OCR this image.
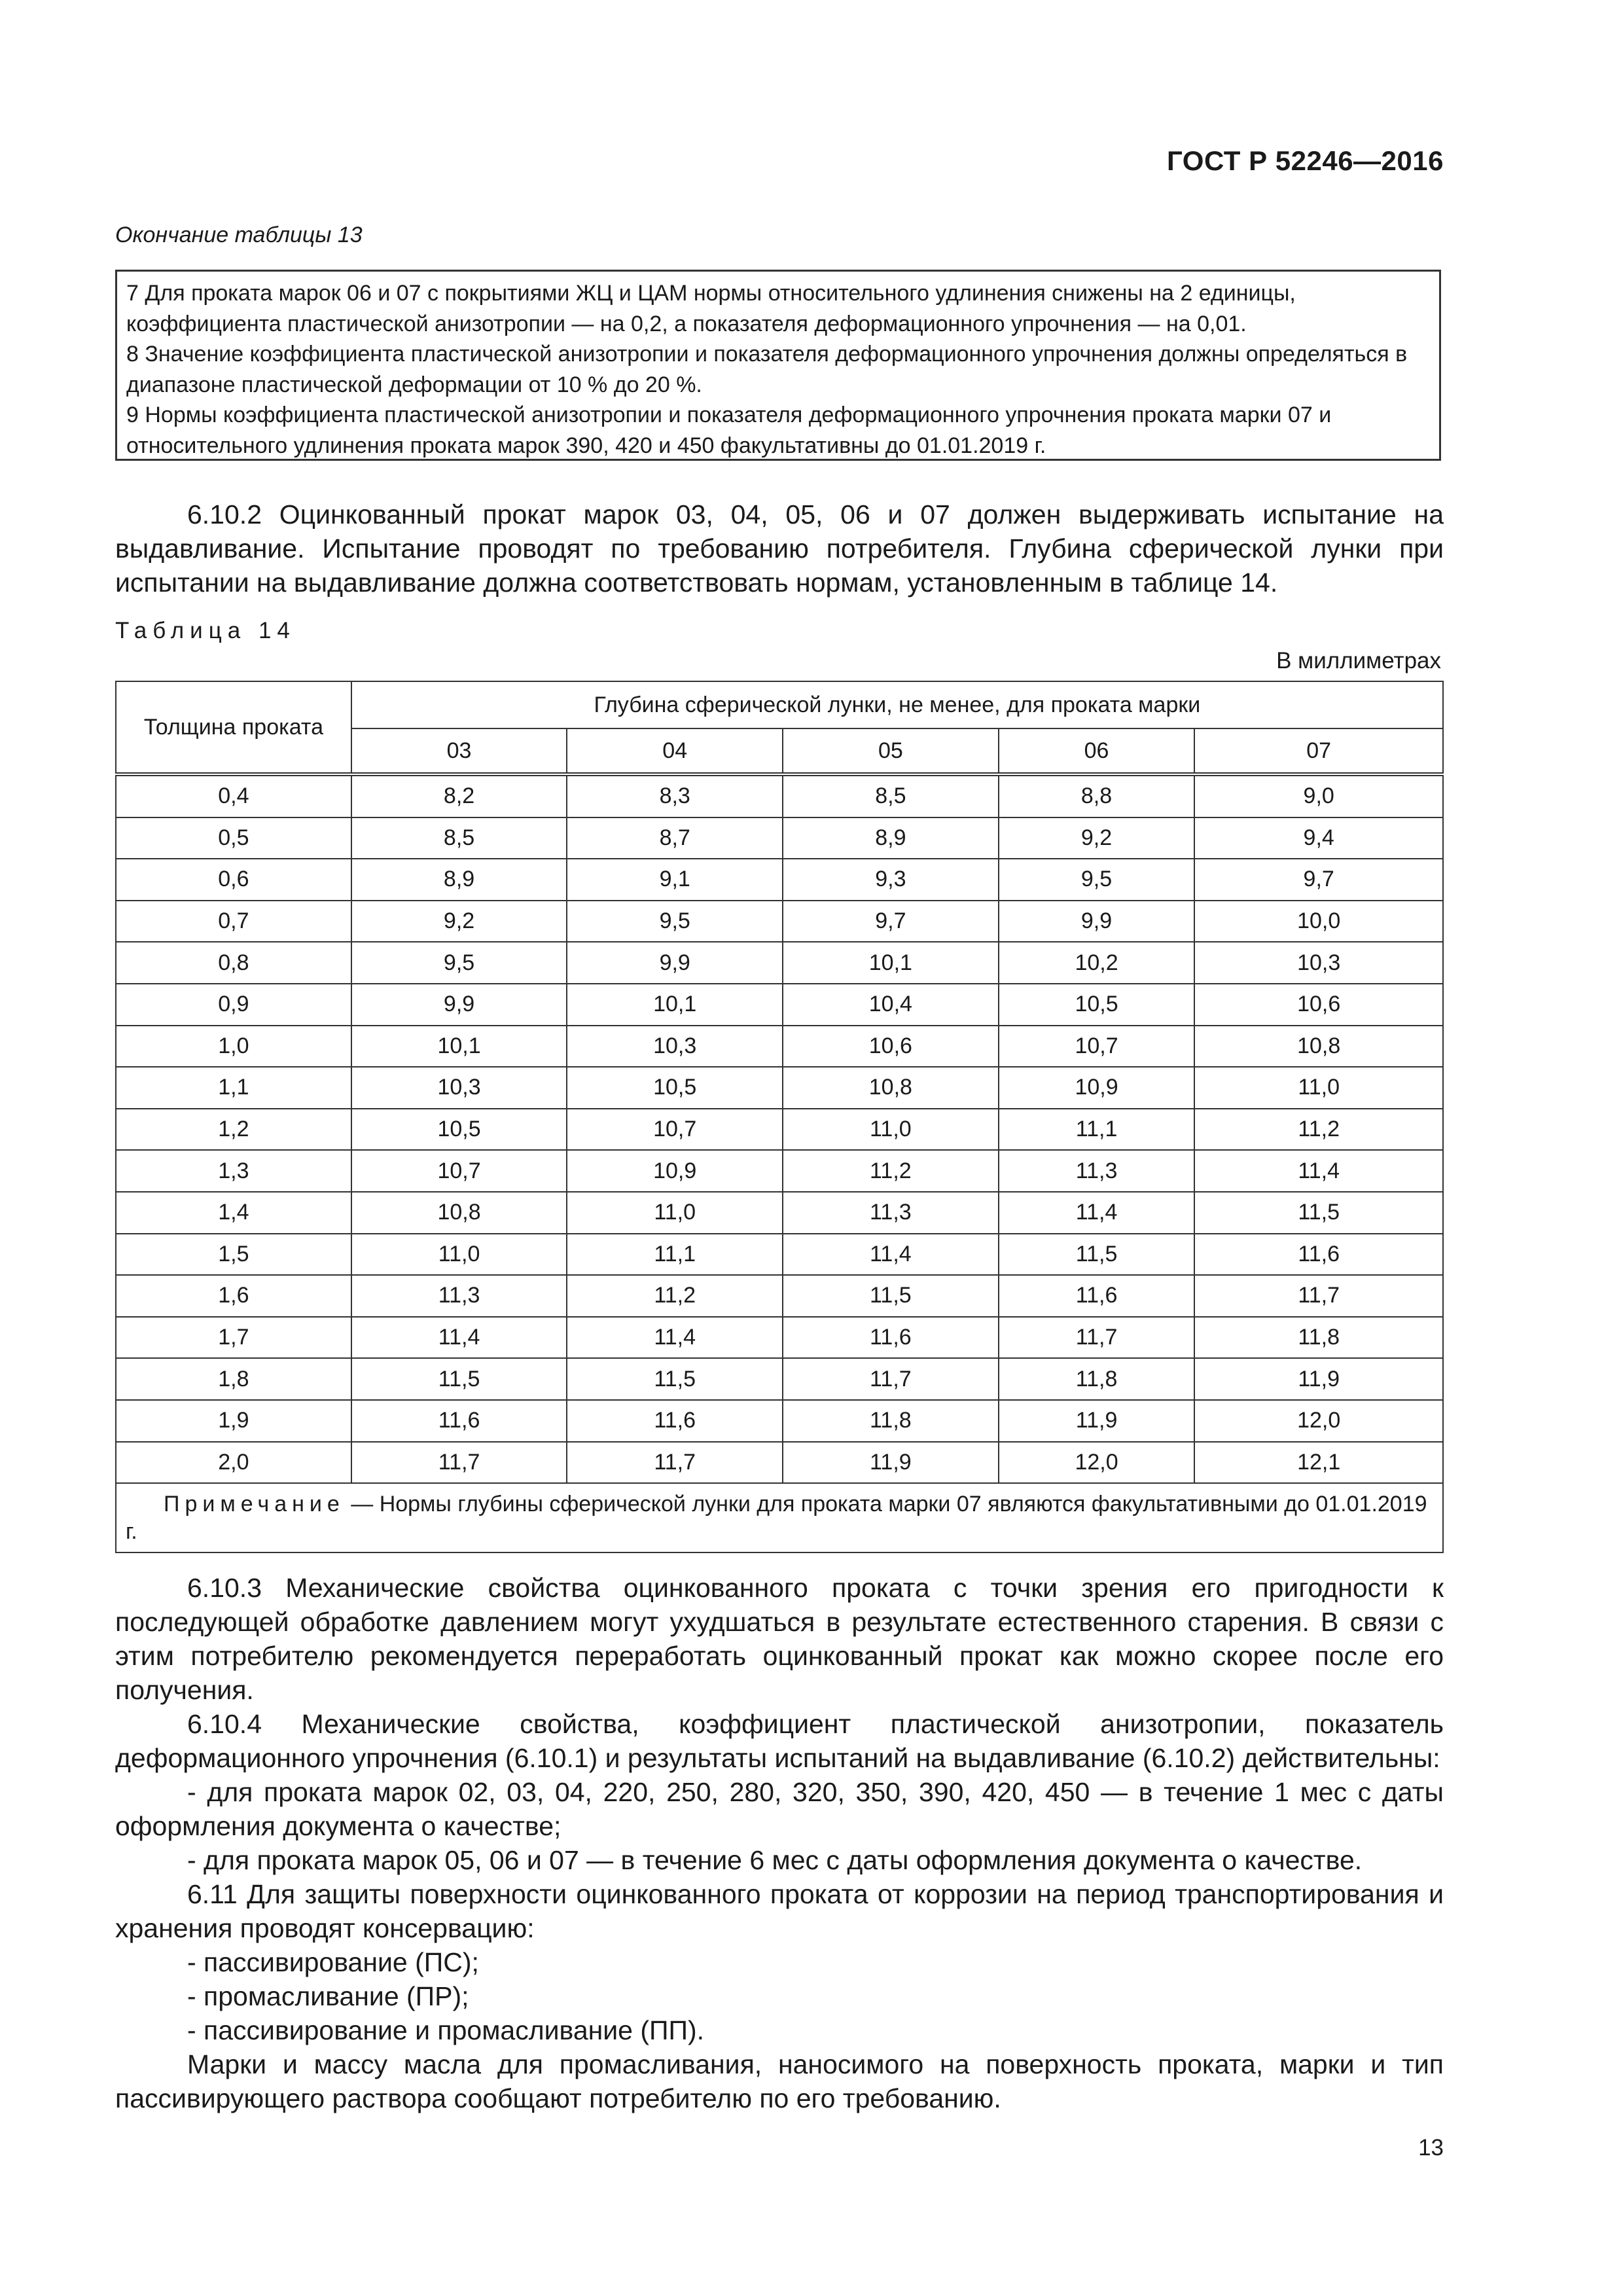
ГОСТ Р 52246—2016
Окончание таблицы 13

7 Для проката марок 06 и 07 с покрытиями ЖЦ и ЦАМ нормы относительного удлинения снижены на 2 единицы, коэффициента пластической анизотропии — на 0,2, а показателя деформационного упрочнения — на 0,01.

8 Значение коэффициента пластической анизотропии и показателя деформационного упрочнения должны определяться в диапазоне пластической деформации от 10 % до 20 %.

9 Нормы коэффициента пластической анизотропии и показателя деформационного упрочнения проката марки 07 и относительного удлинения проката марок 390, 420 и 450 факультативны до 01.01.2019 г.

6.10.2 Оцинкованный прокат марок 03, 04, 05, 06 и 07 должен выдерживать испытание на выдавливание. Испытание проводят по требованию потребителя. Глубина сферической лунки при испытании на выдавливание должна соответствовать нормам, установленным в таблице 14.

Таблица 14
В миллиметрах
Толщина проката	Глубина сферической лунки, не менее, для проката марки				
	03	04	05	06	07
0,4	8,2	8,3	8,5	8,8	9,0
0,5	8,5	8,7	8,9	9,2	9,4
0,6	8,9	9,1	9,3	9,5	9,7
0,7	9,2	9,5	9,7	9,9	10,0
0,8	9,5	9,9	10,1	10,2	10,3
0,9	9,9	10,1	10,4	10,5	10,6
1,0	10,1	10,3	10,6	10,7	10,8
1,1	10,3	10,5	10,8	10,9	11,0
1,2	10,5	10,7	11,0	11,1	11,2
1,3	10,7	10,9	11,2	11,3	11,4
1,4	10,8	11,0	11,3	11,4	11,5
1,5	11,0	11,1	11,4	11,5	11,6
1,6	11,3	11,2	11,5	11,6	11,7
1,7	11,4	11,4	11,6	11,7	11,8
1,8	11,5	11,5	11,7	11,8	11,9
1,9	11,6	11,6	11,8	11,9	12,0
2,0	11,7	11,7	11,9	12,0	12,1
Примечание — Нормы глубины сферической лунки для проката марки 07 являются факультативными до 01.01.2019 г.					

6.10.3 Механические свойства оцинкованного проката с точки зрения его пригодности к последующей обработке давлением могут ухудшаться в результате естественного старения. В связи с этим потребителю рекомендуется переработать оцинкованный прокат как можно скорее после его получения.

6.10.4 Механические свойства, коэффициент пластической анизотропии, показатель деформационного упрочнения (6.10.1) и результаты испытаний на выдавливание (6.10.2) действительны:

- для проката марок 02, 03, 04, 220, 250, 280, 320, 350, 390, 420, 450 — в течение 1 мес с даты оформления документа о качестве;

- для проката марок 05, 06 и 07 — в течение 6 мес с даты оформления документа о качестве.

6.11 Для защиты поверхности оцинкованного проката от коррозии на период транспортирования и хранения проводят консервацию:

- пассивирование (ПС);

- промасливание (ПР);

- пассивирование и промасливание (ПП).

Марки и массу масла для промасливания, наносимого на поверхность проката, марки и тип пассивирующего раствора сообщают потребителю по его требованию.

13
